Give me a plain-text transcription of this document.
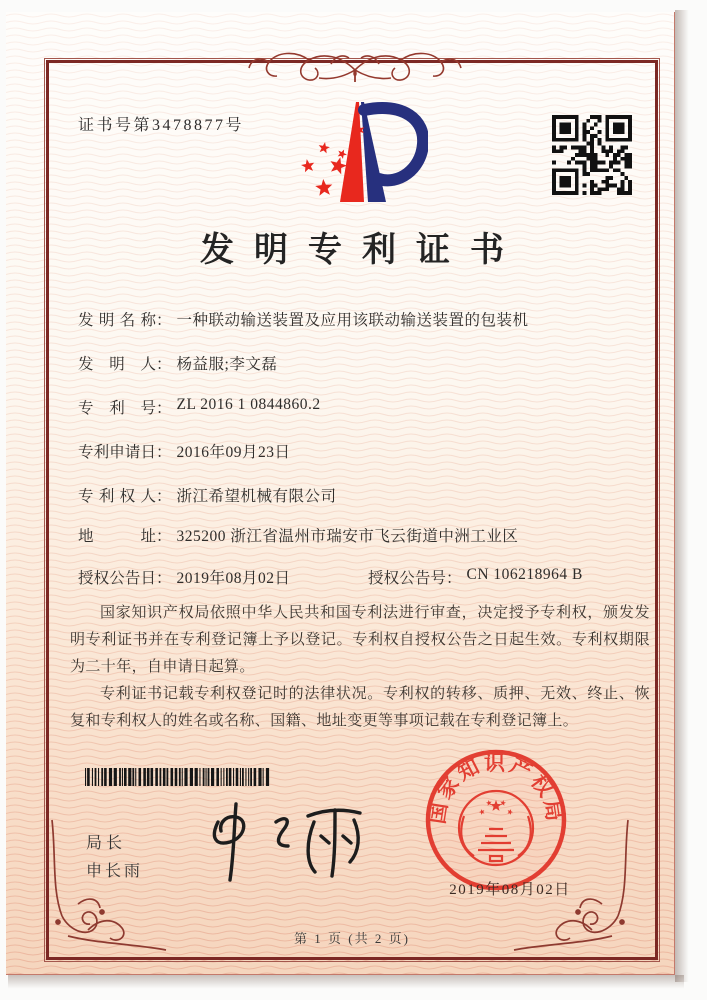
证书号第3478877号
发明专利证书
发明名称： 一种联动输送装置及应用该联动输送装置的包装机
发明人： 杨益服;李文磊
专利号： ZL 2016 1 0844860.2
专利申请日： 2016年09月23日
专利权人： 浙江希望机械有限公司
地址： 325200 浙江省温州市瑞安市飞云街道中洲工业区
授权公告日： 2019年08月02日	授权公告号： CN 106218964 B

国家知识产权局依照中华人民共和国专利法进行审查，决定授予专利权，颁发发明专利证书并在专利登记簿上予以登记。专利权自授权公告之日起生效。专利权期限为二十年，自申请日起算。

专利证书记载专利权登记时的法律状况。专利权的转移、质押、无效、终止、恢复和专利权人的姓名或名称、国籍、地址变更等事项记载在专利登记簿上。

局长
申长雨
国家知识产权局
2019年08月02日
第 1 页 (共 2 页)
